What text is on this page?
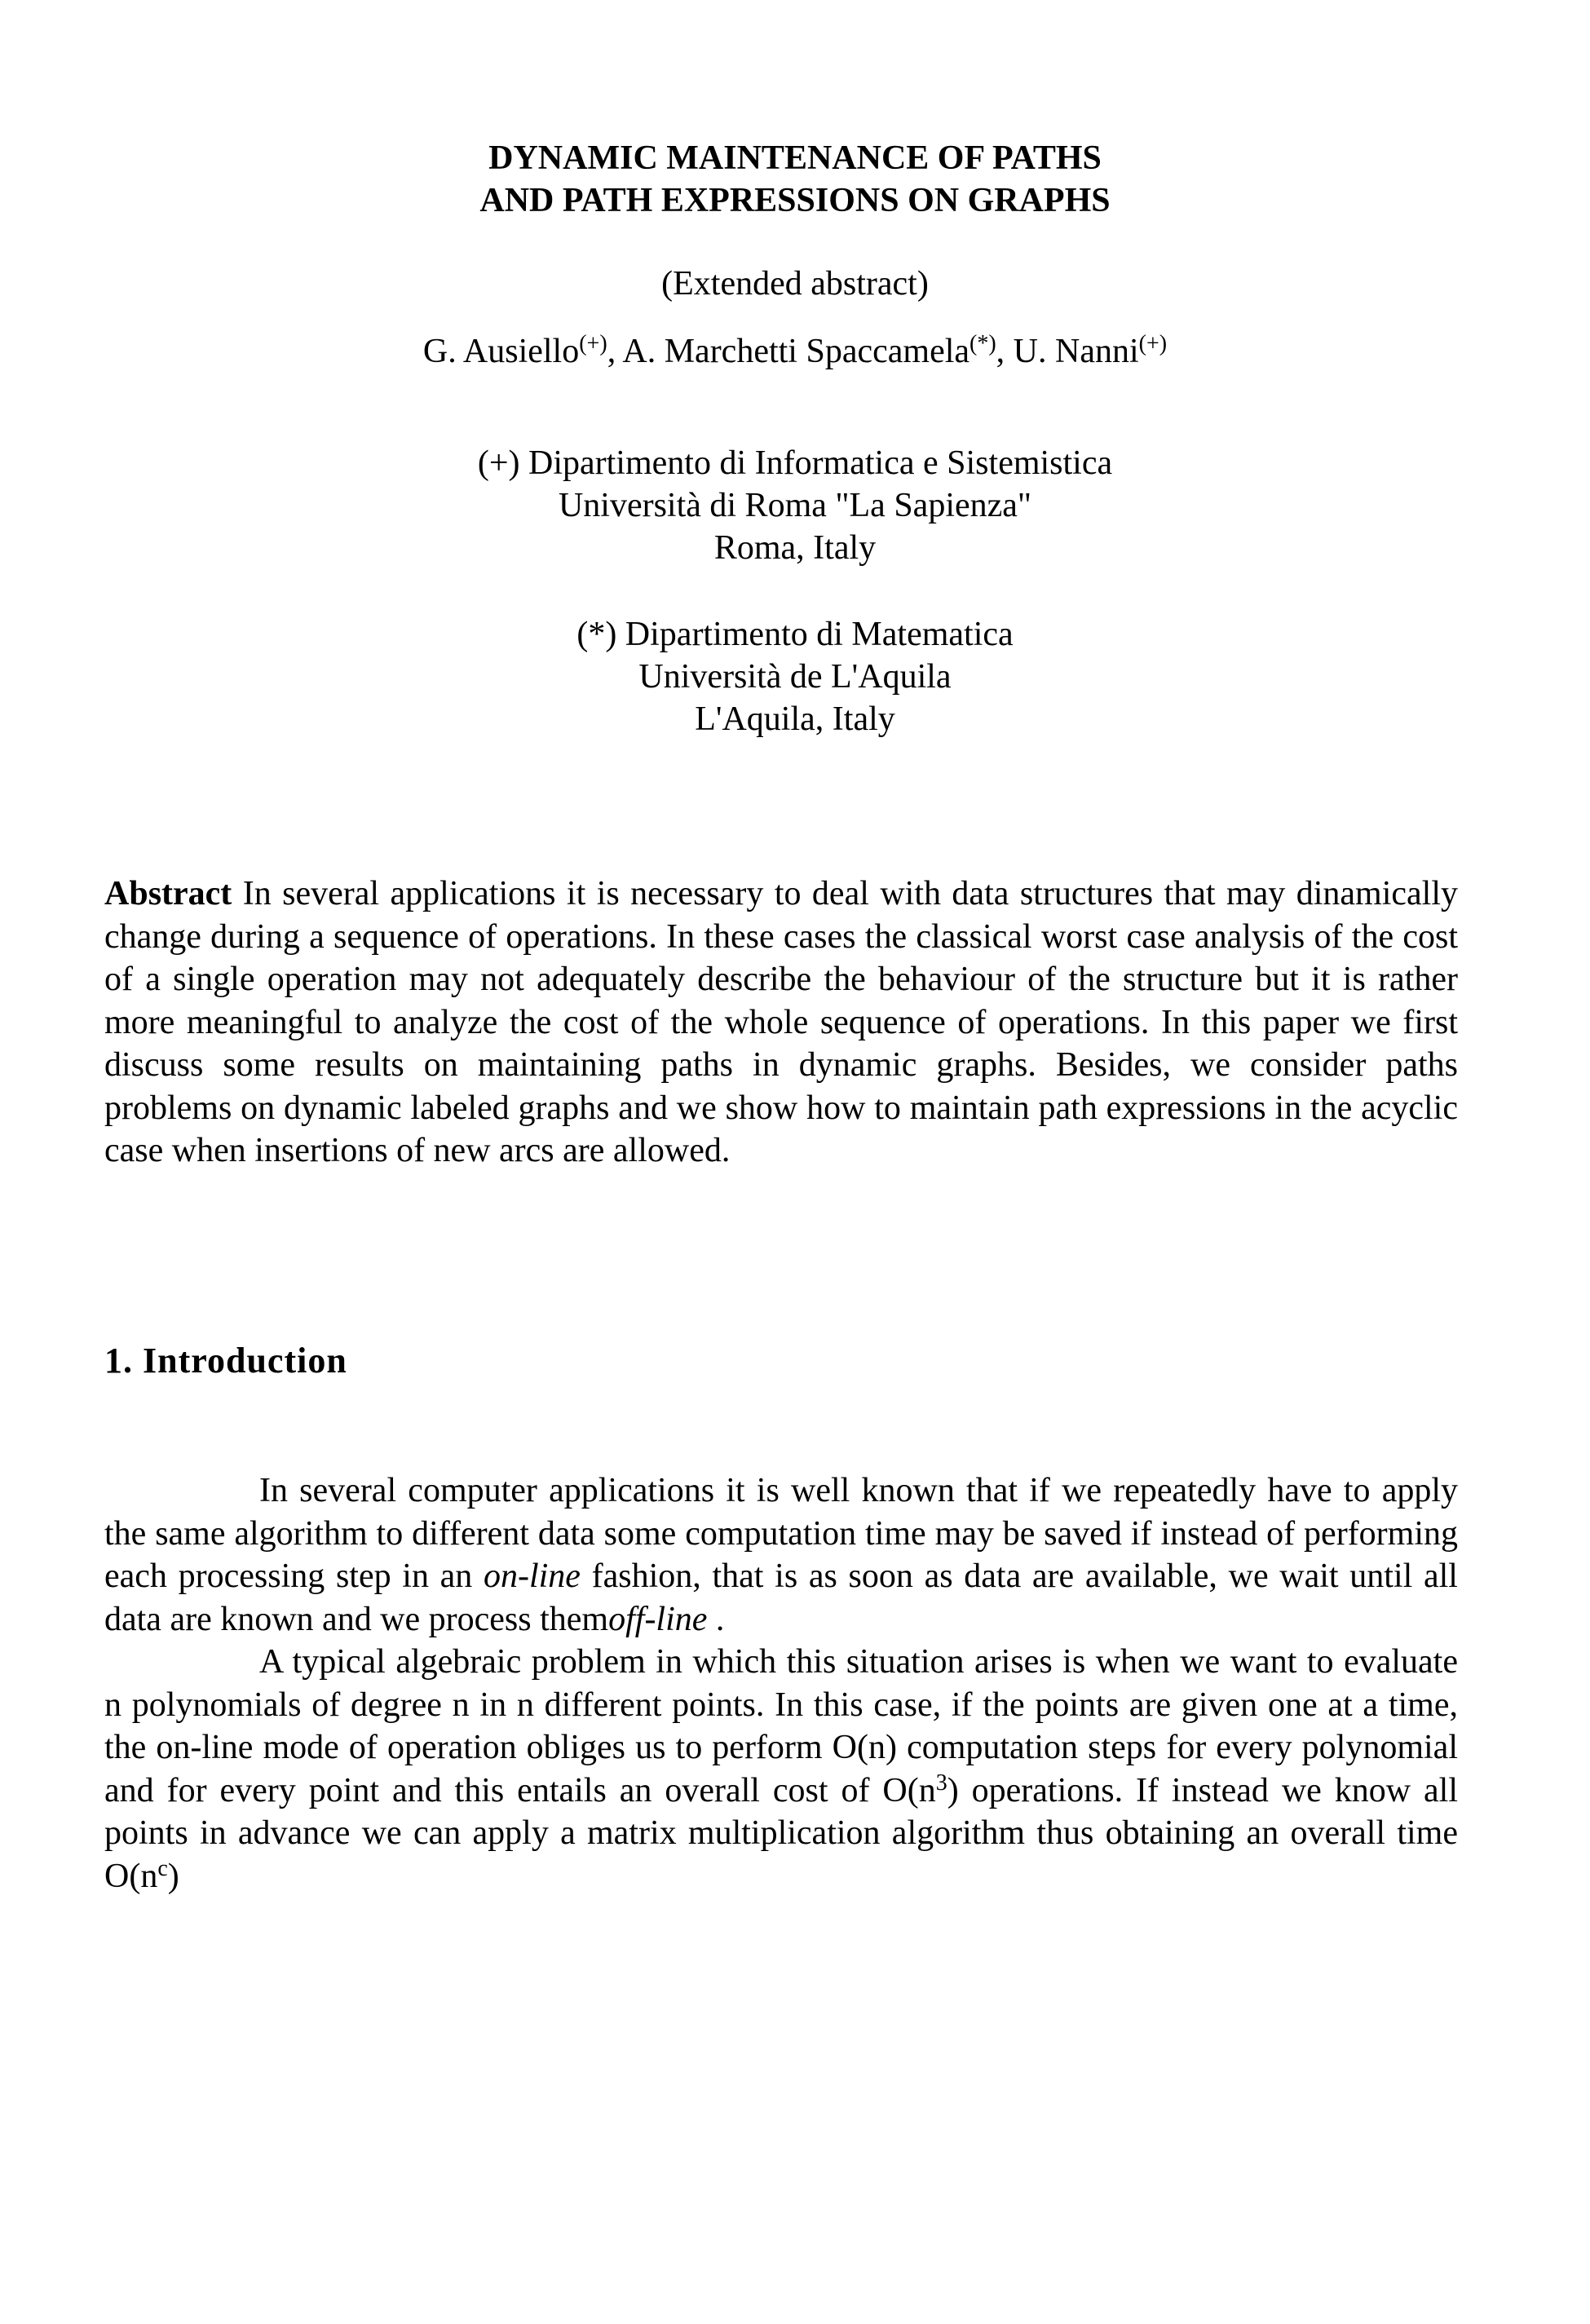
DYNAMIC MAINTENANCE OF PATHS
AND PATH EXPRESSIONS ON GRAPHS
(Extended abstract)
G. Ausiello(+), A. Marchetti Spaccamela(*), U. Nanni(+)
(+) Dipartimento di Informatica e Sistemistica
Università di Roma "La Sapienza"
Roma, Italy
(*) Dipartimento di Matematica
Università de L'Aquila
L'Aquila, Italy
Abstract In several applications it is necessary to deal with data structures that may dinamically change during a sequence of operations. In these cases the classical worst case analysis of the cost of a single operation may not adequately describe the behaviour of the structure but it is rather more meaningful to analyze the cost of the whole sequence of operations. In this paper we first discuss some results on maintaining paths in dynamic graphs. Besides, we consider paths problems on dynamic labeled graphs and we show how to maintain path expressions in the acyclic case when insertions of new arcs are allowed.
1. Introduction

In several computer applications it is well known that if we repeatedly have to apply the same algorithm to different data some computation time may be saved if instead of performing each processing step in an on-line fashion, that is as soon as data are available, we wait until all data are known and we process themoff-line .

A typical algebraic problem in which this situation arises is when we want to evaluate n polynomials of degree n in n different points. In this case, if the points are given one at a time, the on-line mode of operation obliges us to perform O(n) computation steps for every polynomial and for every point and this entails an overall cost of $O(n^3)$ operations. If instead we know all points in advance we can apply a matrix multiplication algorithm thus obtaining an overall time $O(n^c)$
